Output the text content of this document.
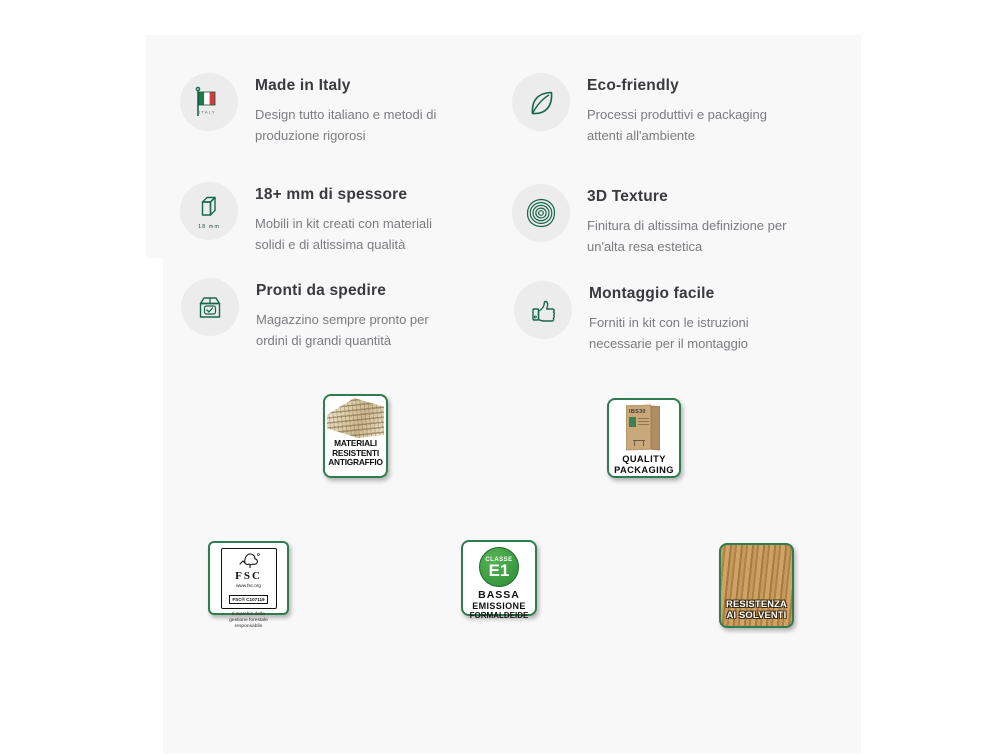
ITALY
Made in Italy
Design tutto italiano e metodi di produzione rigorosi
Eco-friendly
Processi produttivi e packaging attenti all'ambiente
18 mm
18+ mm di spessore
Mobili in kit creati con materiali solidi e di altissima qualità
3D Texture
Finitura di altissima definizione per un'alta resa estetica
Pronti da spedire
Magazzino sempre pronto per ordini di grandi quantità
Montaggio facile
Forniti in kit con le istruzioni necessarie per il montaggio
MATERIALI
RESISTENTI
ANTIGRAFFIO
IBS30
QUALITY
PACKAGING
FSC
www.fsc.org
FSC® C107119
Il marchio della
gestione forestale
responsabile
CLASSE
E1
BASSA
EMISSIONE
FORMALDEIDE
RESISTENZA
AI SOLVENTI
